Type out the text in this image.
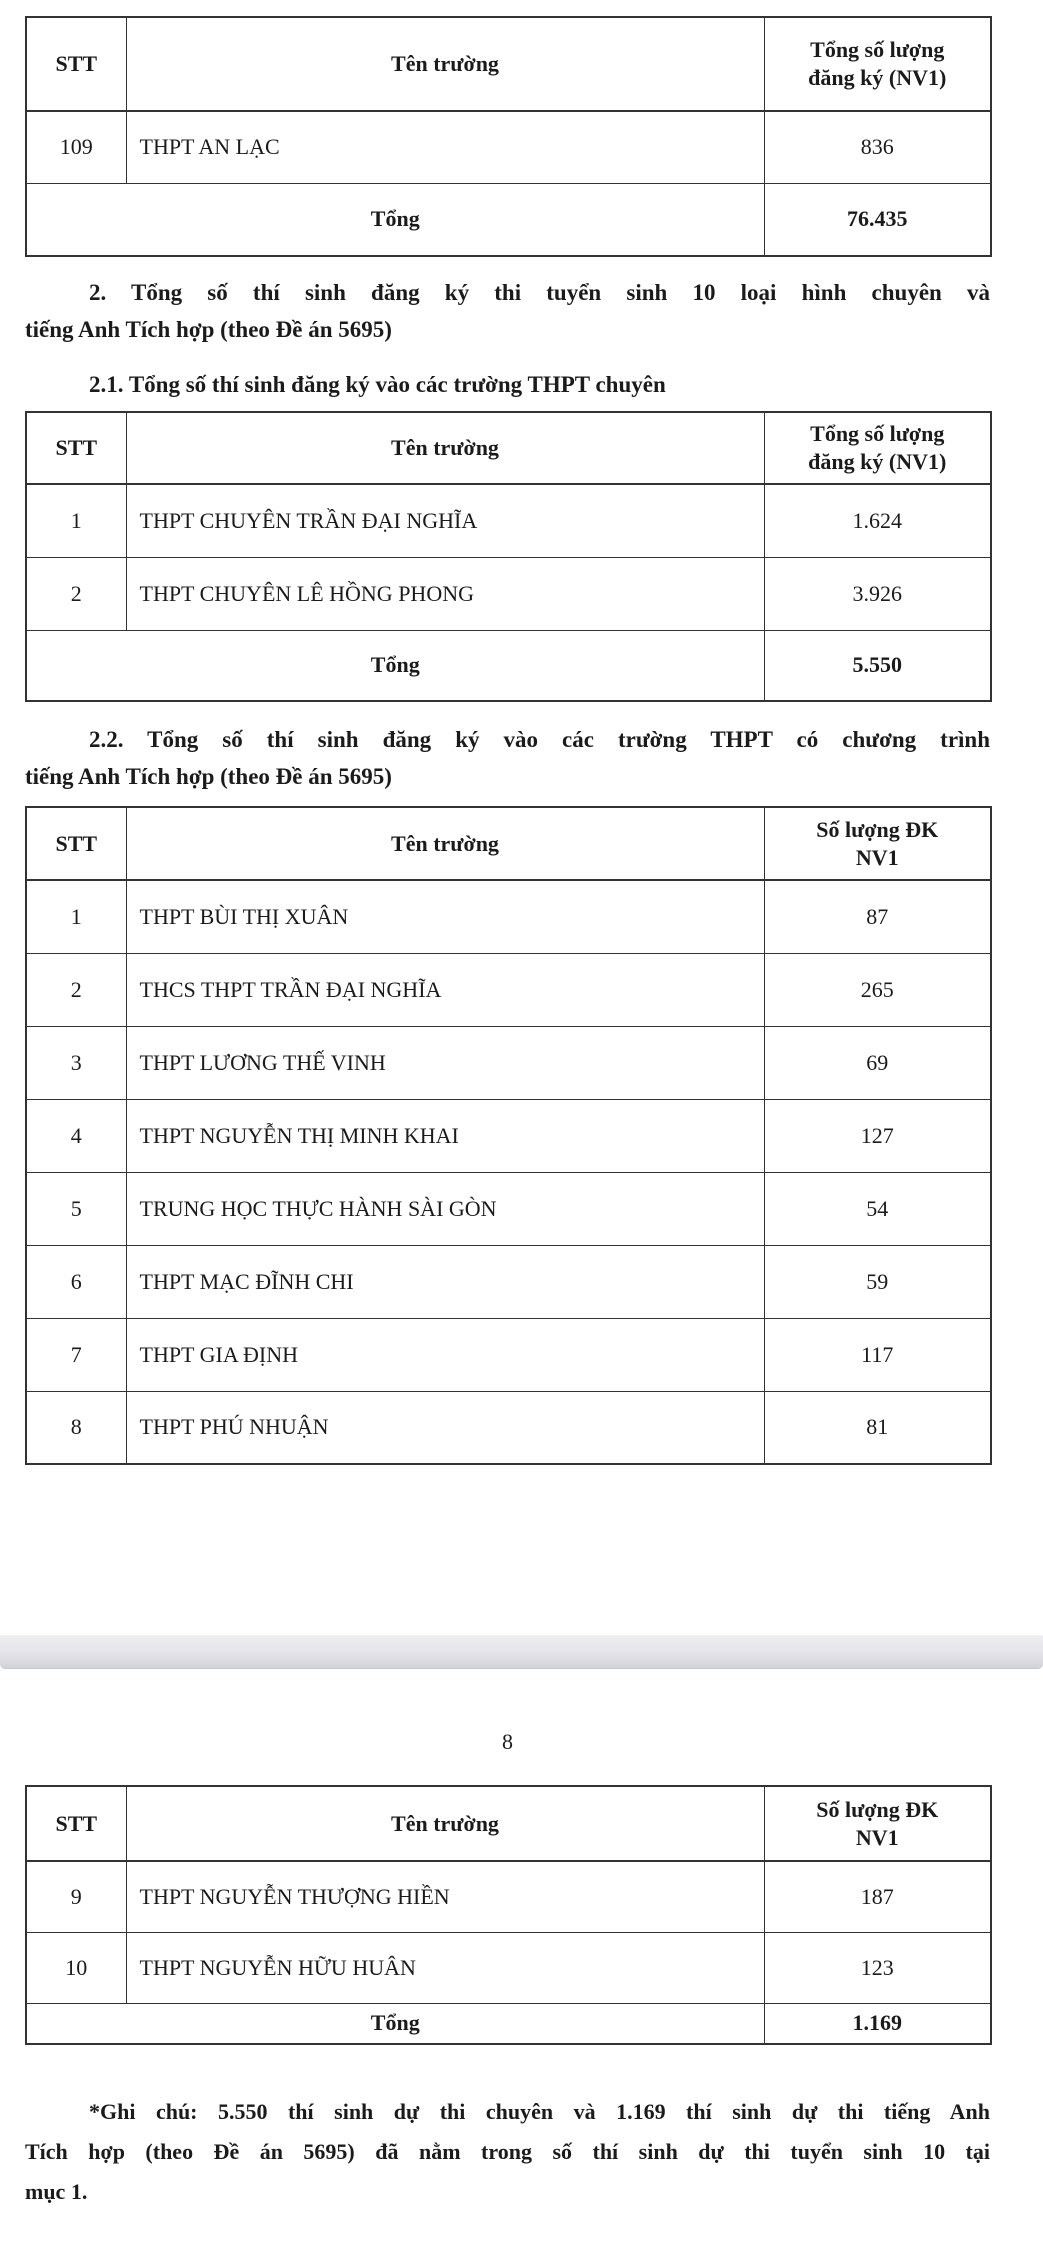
STT	Tên trường	Tổng số lượng
đăng ký (NV1)
109	THPT AN LẠC	836
Tổng		76.435
2. Tổng số thí sinh đăng ký thi tuyển sinh 10 loại hình chuyên và
tiếng Anh Tích hợp (theo Đề án 5695)
2.1. Tổng số thí sinh đăng ký vào các trường THPT chuyên
STT	Tên trường	Tổng số lượng
đăng ký (NV1)
1	THPT CHUYÊN TRẦN ĐẠI NGHĨA	1.624
2	THPT CHUYÊN LÊ HỒNG PHONG	3.926
Tổng		5.550
2.2. Tổng số thí sinh đăng ký vào các trường THPT có chương trình
tiếng Anh Tích hợp (theo Đề án 5695)
STT	Tên trường	Số lượng ĐK
NV1
1	THPT BÙI THỊ XUÂN	87
2	THCS THPT TRẦN ĐẠI NGHĨA	265
3	THPT LƯƠNG THẾ VINH	69
4	THPT NGUYỄN THỊ MINH KHAI	127
5	TRUNG HỌC THỰC HÀNH SÀI GÒN	54
6	THPT MẠC ĐĨNH CHI	59
7	THPT GIA ĐỊNH	117
8	THPT PHÚ NHUẬN	81
8
STT	Tên trường	Số lượng ĐK
NV1
9	THPT NGUYỄN THƯỢNG HIỀN	187
10	THPT NGUYỄN HỮU HUÂN	123
Tổng		1.169
*Ghi chú: 5.550 thí sinh dự thi chuyên và 1.169 thí sinh dự thi tiếng Anh
Tích hợp (theo Đề án 5695) đã nằm trong số thí sinh dự thi tuyển sinh 10 tại
mục 1.
